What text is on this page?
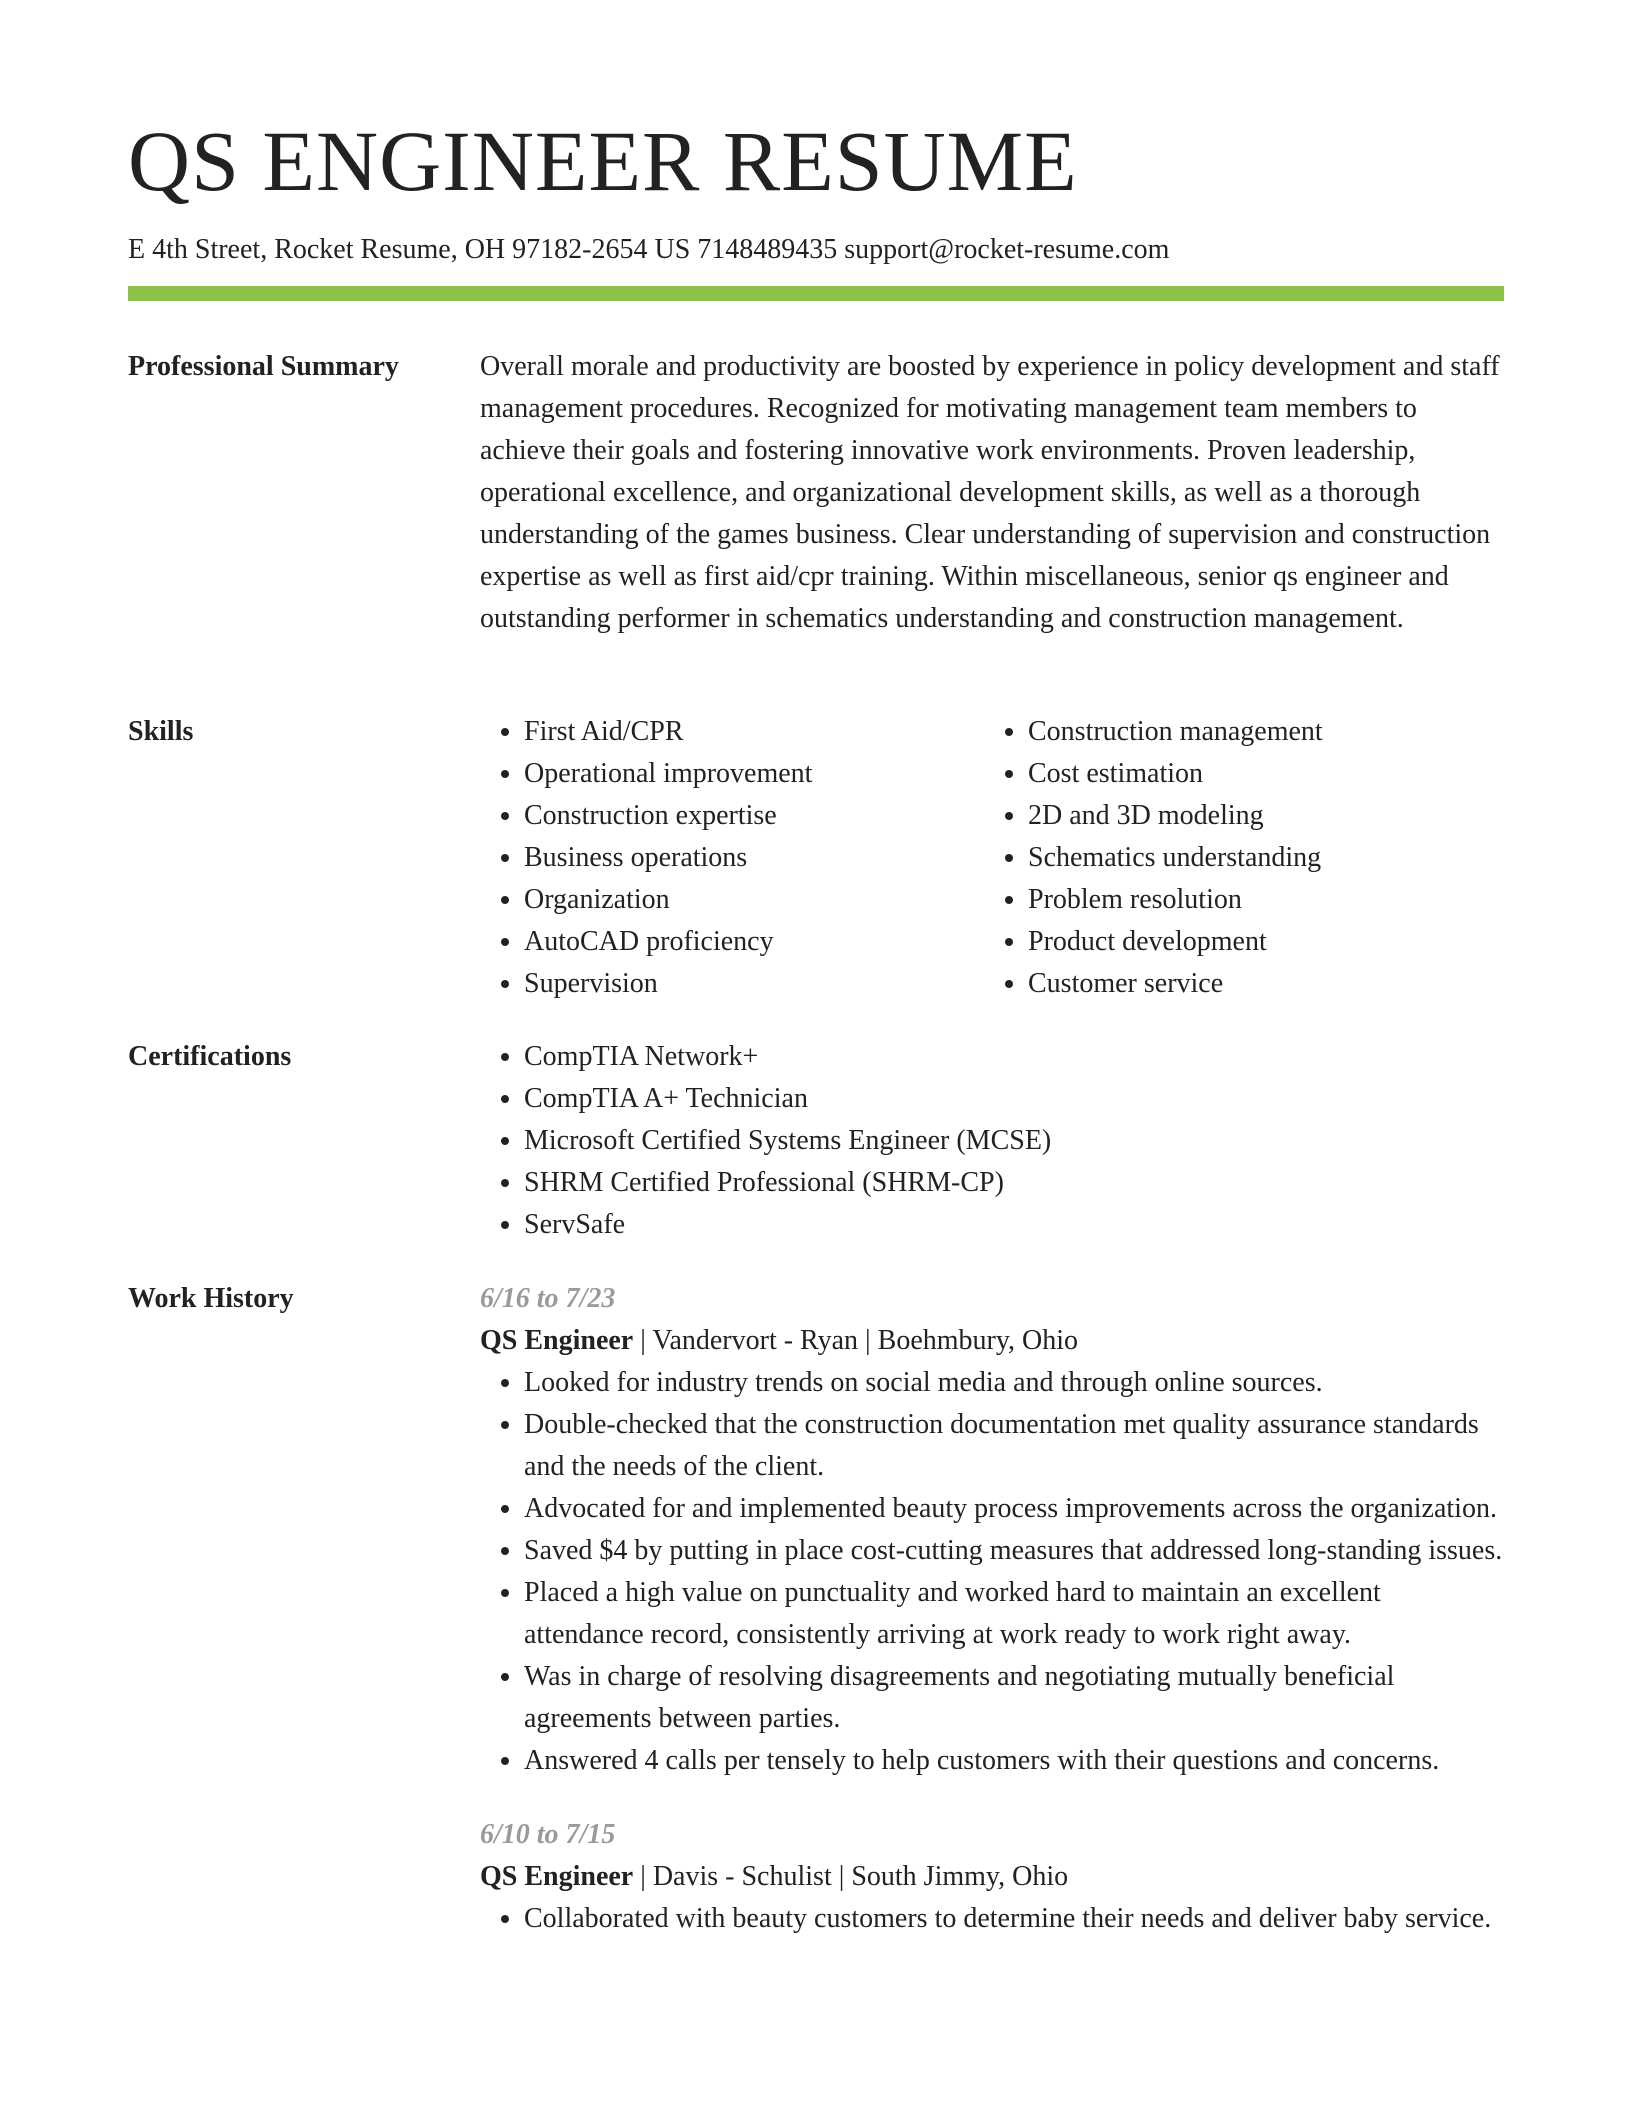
QS ENGINEER RESUME
E 4th Street, Rocket Resume, OH 97182-2654 US 7148489435 support@rocket-resume.com
Professional Summary	Overall morale and productivity are boosted by experience in policy development and staff management procedures. Recognized for motivating management team members to achieve their goals and fostering innovative work environments. Proven leadership, operational excellence, and organizational development skills, as well as a thorough understanding of the games business. Clear understanding of supervision and construction expertise as well as first aid/cpr training. Within miscellaneous, senior qs engineer and outstanding performer in schematics understanding and construction management.

Skills	• First Aid/CPR
• Operational improvement
• Construction expertise
• Business operations
• Organization
• AutoCAD proficiency
• Supervision
• Construction management
• Cost estimation
• 2D and 3D modeling
• Schematics understanding
• Problem resolution
• Product development
• Customer service
Certifications	• CompTIA Network+
• CompTIA A+ Technician
• Microsoft Certified Systems Engineer (MCSE)
• SHRM Certified Professional (SHRM-CP)
• ServSafe
Work History	6/16 to 7/23
QS Engineer | Vandervort - Ryan | Boehmbury, Ohio
• Looked for industry trends on social media and through online sources.
• Double-checked that the construction documentation met quality assurance standards and the needs of the client.
• Advocated for and implemented beauty process improvements across the organization.
• Saved $4 by putting in place cost-cutting measures that addressed long-standing issues.
• Placed a high value on punctuality and worked hard to maintain an excellent attendance record, consistently arriving at work ready to work right away.
• Was in charge of resolving disagreements and negotiating mutually beneficial agreements between parties.
• Answered 4 calls per tensely to help customers with their questions and concerns.
6/10 to 7/15
QS Engineer | Davis - Schulist | South Jimmy, Ohio
• Collaborated with beauty customers to determine their needs and deliver baby service.
